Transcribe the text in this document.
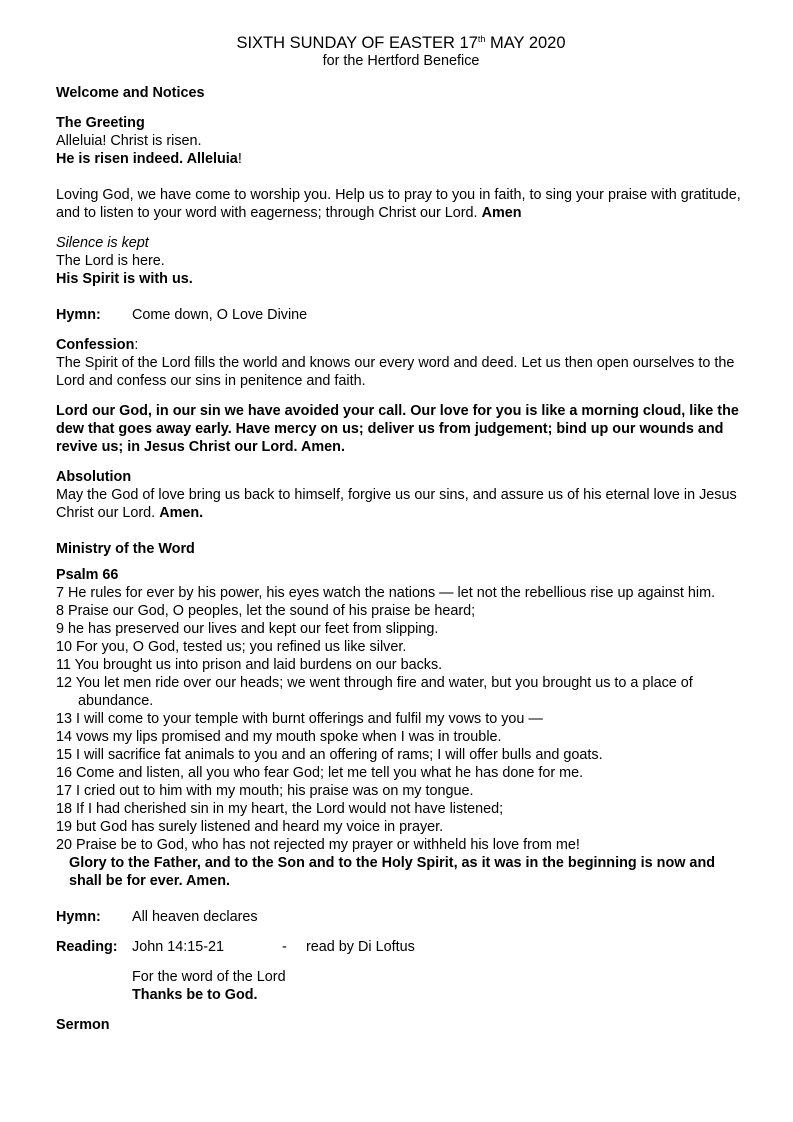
SIXTH SUNDAY OF EASTER 17th MAY 2020
for the Hertford Benefice

Welcome and Notices

The Greeting

Alleluia! Christ is risen.

He is risen indeed. Alleluia!

Loving God, we have come to worship you. Help us to pray to you in faith, to sing your praise with gratitude, and to listen to your word with eagerness; through Christ our Lord. Amen

Silence is kept

The Lord is here.

His Spirit is with us.

Hymn:	Come down, O Love Divine

Confession:

The Spirit of the Lord fills the world and knows our every word and deed. Let us then open ourselves to the Lord and confess our sins in penitence and faith.

Lord our God, in our sin we have avoided your call. Our love for you is like a morning cloud, like the dew that goes away early. Have mercy on us; deliver us from judgement; bind up our wounds and revive us; in Jesus Christ our Lord. Amen.

Absolution

May the God of love bring us back to himself, forgive us our sins, and assure us of his eternal love in Jesus Christ our Lord. Amen.

Ministry of the Word

Psalm 66

7 He rules for ever by his power, his eyes watch the nations — let not the rebellious rise up against him.

8 Praise our God, O peoples, let the sound of his praise be heard;

9 he has preserved our lives and kept our feet from slipping.

10 For you, O God, tested us; you refined us like silver.

11 You brought us into prison and laid burdens on our backs.

12 You let men ride over our heads; we went through fire and water, but you brought us to a place of abundance.

13 I will come to your temple with burnt offerings and fulfil my vows to you —

14 vows my lips promised and my mouth spoke when I was in trouble.

15 I will sacrifice fat animals to you and an offering of rams; I will offer bulls and goats.

16 Come and listen, all you who fear God; let me tell you what he has done for me.

17 I cried out to him with my mouth; his praise was on my tongue.

18 If I had cherished sin in my heart, the Lord would not have listened;

19 but God has surely listened and heard my voice in prayer.

20 Praise be to God, who has not rejected my prayer or withheld his love from me!

Glory to the Father, and to the Son and to the Holy Spirit, as it was in the beginning is now and shall be for ever. Amen.

Hymn:	All heaven declares
Reading:	John 14:15-21	-	read by Di Loftus

For the word of the Lord

Thanks be to God.

Sermon
